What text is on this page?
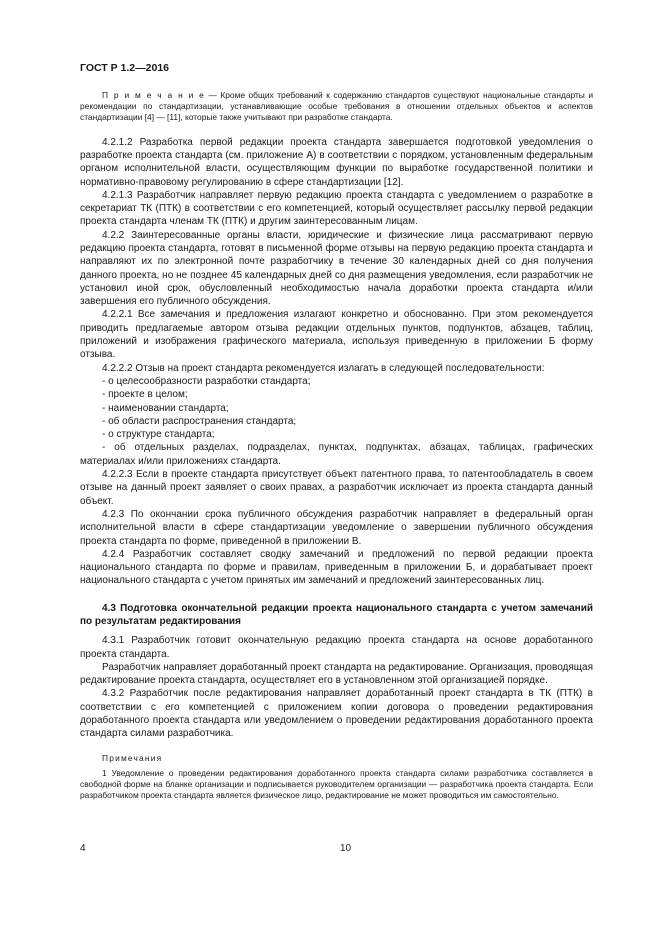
ГОСТ Р 1.2—2016

П р и м е ч а н и е — Кроме общих требований к содержанию стандартов существуют национальные стандарты и рекомендации по стандартизации, устанавливающие особые требования в отношении отдельных объектов и аспектов стандартизации [4] — [11], которые также учитывают при разработке стандарта.

4.2.1.2 Разработка первой редакции проекта стандарта завершается подготовкой уведомления о разработке проекта стандарта (см. приложение А) в соответствии с порядком, установленным федеральным органом исполнительной власти, осуществляющим функции по выработке государственной политики и нормативно-правовому регулированию в сфере стандартизации [12].

4.2.1.3 Разработчик направляет первую редакцию проекта стандарта с уведомлением о разработке в секретариат ТК (ПТК) в соответствии с его компетенцией, который осуществляет рассылку первой редакции проекта стандарта членам ТК (ПТК) и другим заинтересованным лицам.

4.2.2 Заинтересованные органы власти, юридические и физические лица рассматривают первую редакцию проекта стандарта, готовят в письменной форме отзывы на первую редакцию проекта стандарта и направляют их по электронной почте разработчику в течение 30 календарных дней со дня получения данного проекта, но не позднее 45 календарных дней со дня размещения уведомления, если разработчик не установил иной срок, обусловленный необходимостью начала доработки проекта стандарта и/или завершения его публичного обсуждения.

4.2.2.1 Все замечания и предложения излагают конкретно и обоснованно. При этом рекомендуется приводить предлагаемые автором отзыва редакции отдельных пунктов, подпунктов, абзацев, таблиц, приложений и изображения графического материала, используя приведенную в приложении Б форму отзыва.

4.2.2.2 Отзыв на проект стандарта рекомендуется излагать в следующей последовательности:

- о целесообразности разработки стандарта;

- проекте в целом;

- наименовании стандарта;

- об области распространения стандарта;

- о структуре стандарта;

- об отдельных разделах, подразделах, пунктах, подпунктах, абзацах, таблицах, графических материалах и/или приложениях стандарта.

4.2.2.3 Если в проекте стандарта присутствует объект патентного права, то патентообладатель в своем отзыве на данный проект заявляет о своих правах, а разработчик исключает из проекта стандарта данный объект.

4.2.3 По окончании срока публичного обсуждения разработчик направляет в федеральный орган исполнительной власти в сфере стандартизации уведомление о завершении публичного обсуждения проекта стандарта по форме, приведенной в приложении В.

4.2.4 Разработчик составляет сводку замечаний и предложений по первой редакции проекта национального стандарта по форме и правилам, приведенным в приложении Б, и дорабатывает проект национального стандарта с учетом принятых им замечаний и предложений заинтересованных лиц.

4.3 Подготовка окончательной редакции проекта национального стандарта с учетом замечаний по результатам редактирования

4.3.1 Разработчик готовит окончательную редакцию проекта стандарта на основе доработанного проекта стандарта.

Разработчик направляет доработанный проект стандарта на редактирование. Организация, проводящая редактирование проекта стандарта, осуществляет его в установленном этой организацией порядке.

4.3.2 Разработчик после редактирования направляет доработанный проект стандарта в ТК (ПТК) в соответствии с его компетенцией с приложением копии договора о проведении редактирования доработанного проекта стандарта или уведомлением о проведении редактирования доработанного проекта стандарта силами разработчика.

Примечания

1 Уведомление о проведении редактирования доработанного проекта стандарта силами разработчика составляется в свободной форме на бланке организации и подписывается руководителем организации — разработчика проекта стандарта. Если разработчиком проекта стандарта является физическое лицо, редактирование не может проводиться им самостоятельно.

4	10
